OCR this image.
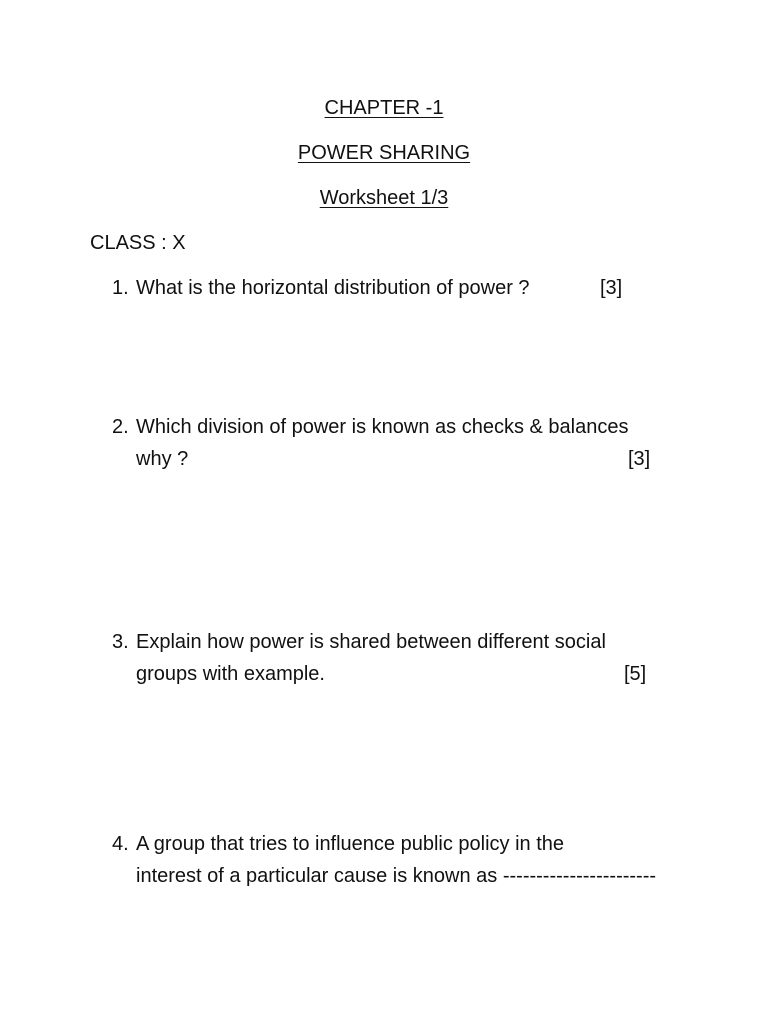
CHAPTER -1
POWER SHARING
Worksheet 1/3
CLASS : X
1. What is the horizontal distribution of power ?	[3]
2. Which division of power is known as checks & balances
why ?	[3]
3. Explain how power is shared between different social
groups with example.	[5]
4. A group that tries to influence public policy in the
interest of a particular cause is known as -----------------------
